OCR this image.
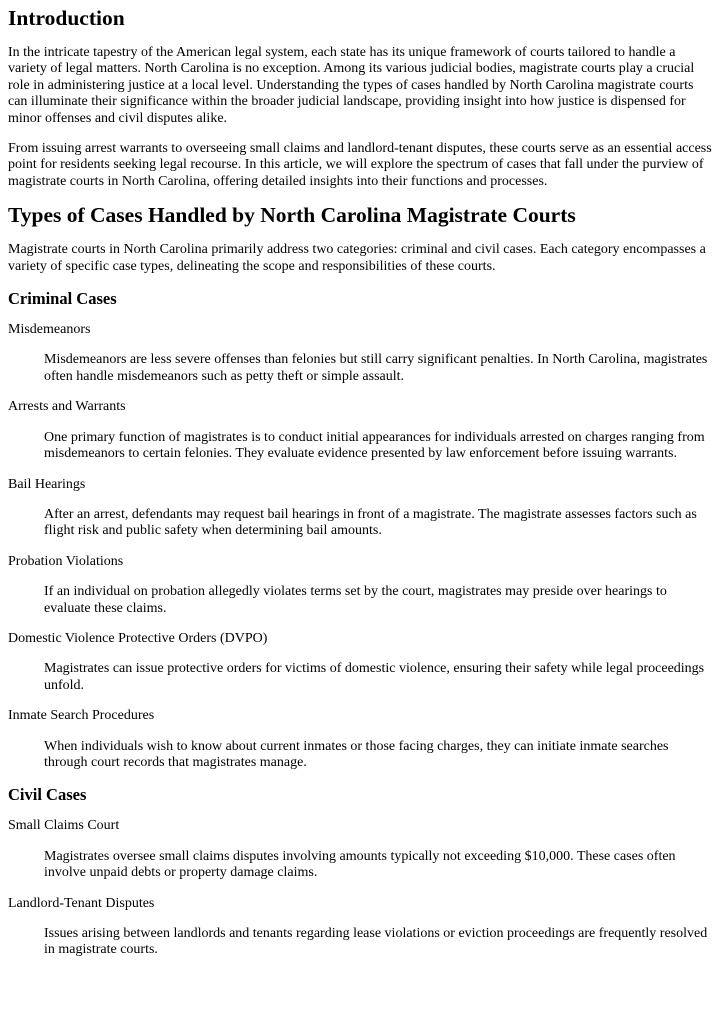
Introduction

In the intricate tapestry of the American legal system, each state has its unique framework of courts tailored to handle a variety of legal matters. North Carolina is no exception. Among its various judicial bodies, magistrate courts play a crucial role in administering justice at a local level. Understanding the types of cases handled by North Carolina magistrate courts can illuminate their significance within the broader judicial landscape, providing insight into how justice is dispensed for minor offenses and civil disputes alike.

From issuing arrest warrants to overseeing small claims and landlord-tenant disputes, these courts serve as an essential access point for residents seeking legal recourse. In this article, we will explore the spectrum of cases that fall under the purview of magistrate courts in North Carolina, offering detailed insights into their functions and processes.

Types of Cases Handled by North Carolina Magistrate Courts

Magistrate courts in North Carolina primarily address two categories: criminal and civil cases. Each category encompasses a variety of specific case types, delineating the scope and responsibilities of these courts.

Criminal Cases
Misdemeanors
Misdemeanors are less severe offenses than felonies but still carry significant penalties. In North Carolina, magistrates often handle misdemeanors such as petty theft or simple assault.
Arrests and Warrants
One primary function of magistrates is to conduct initial appearances for individuals arrested on charges ranging from misdemeanors to certain felonies. They evaluate evidence presented by law enforcement before issuing warrants.
Bail Hearings
After an arrest, defendants may request bail hearings in front of a magistrate. The magistrate assesses factors such as flight risk and public safety when determining bail amounts.
Probation Violations
If an individual on probation allegedly violates terms set by the court, magistrates may preside over hearings to evaluate these claims.
Domestic Violence Protective Orders (DVPO)
Magistrates can issue protective orders for victims of domestic violence, ensuring their safety while legal proceedings unfold.
Inmate Search Procedures
When individuals wish to know about current inmates or those facing charges, they can initiate inmate searches through court records that magistrates manage.
Civil Cases
Small Claims Court
Magistrates oversee small claims disputes involving amounts typically not exceeding $10,000. These cases often involve unpaid debts or property damage claims.
Landlord-Tenant Disputes
Issues arising between landlords and tenants regarding lease violations or eviction proceedings are frequently resolved in magistrate courts.
